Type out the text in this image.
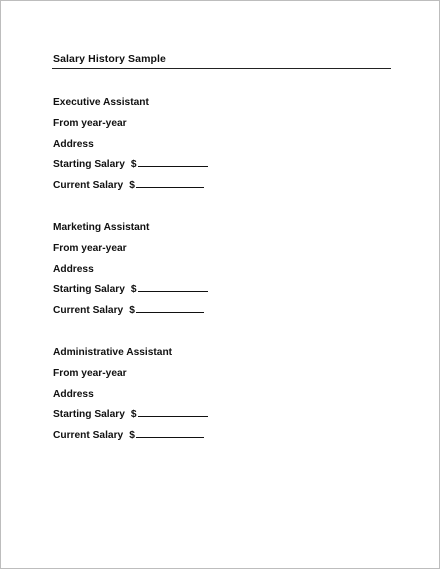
Salary History Sample
Executive Assistant
From year-year
Address
Starting Salary $
Current Salary $
Marketing Assistant
From year-year
Address
Starting Salary $
Current Salary $
Administrative Assistant
From year-year
Address
Starting Salary $
Current Salary $
